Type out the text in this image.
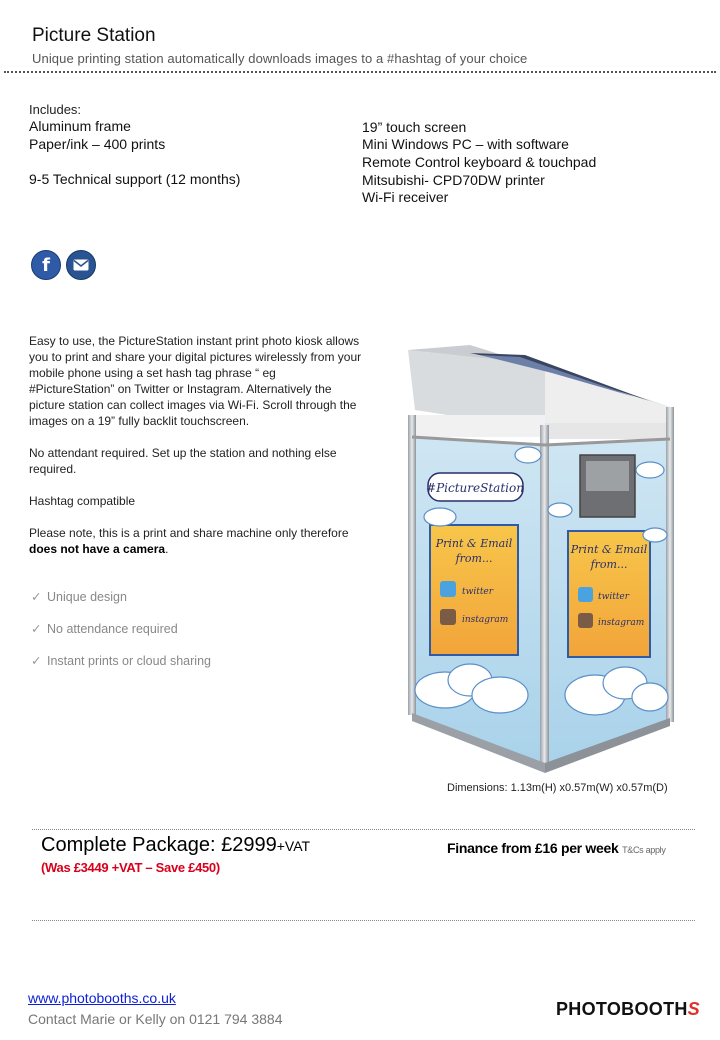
Picture Station
Unique printing station automatically downloads images to a #hashtag of your choice
Includes:
Aluminum frame
Paper/ink – 400 prints
9-5 Technical support (12 months)
19” touch screen
Mini Windows PC – with software
Remote Control keyboard & touchpad
Mitsubishi- CPD70DW printer
Wi-Fi receiver
f

Easy to use, the PictureStation instant print photo kiosk allows you to print and share your digital pictures wirelessly from your mobile phone using a set hash tag phrase “ eg #PictureStation” on Twitter or Instagram. Alternatively the picture station can collect images via Wi-Fi. Scroll through the images on a 19” fully backlit touchscreen.

No attendant required. Set up the station and nothing else required.

Hashtag compatible

Please note, this is a print and share machine only therefore does not have a camera.

✓ Unique design
✓ No attendance required
✓ Instant prints or cloud sharing
#PictureStation
Print & Email
from...
twitter
instagram
Print & Email
from...
twitter
instagram
Dimensions: 1.13m(H) x0.57m(W) x0.57m(D)
Complete Package: £2999+VAT
(Was £3449 +VAT – Save £450)
Finance from £16 per week T&Cs apply
www.photobooths.co.uk
Contact Marie or Kelly on 0121 794 3884	PHOTOBOOTHS
